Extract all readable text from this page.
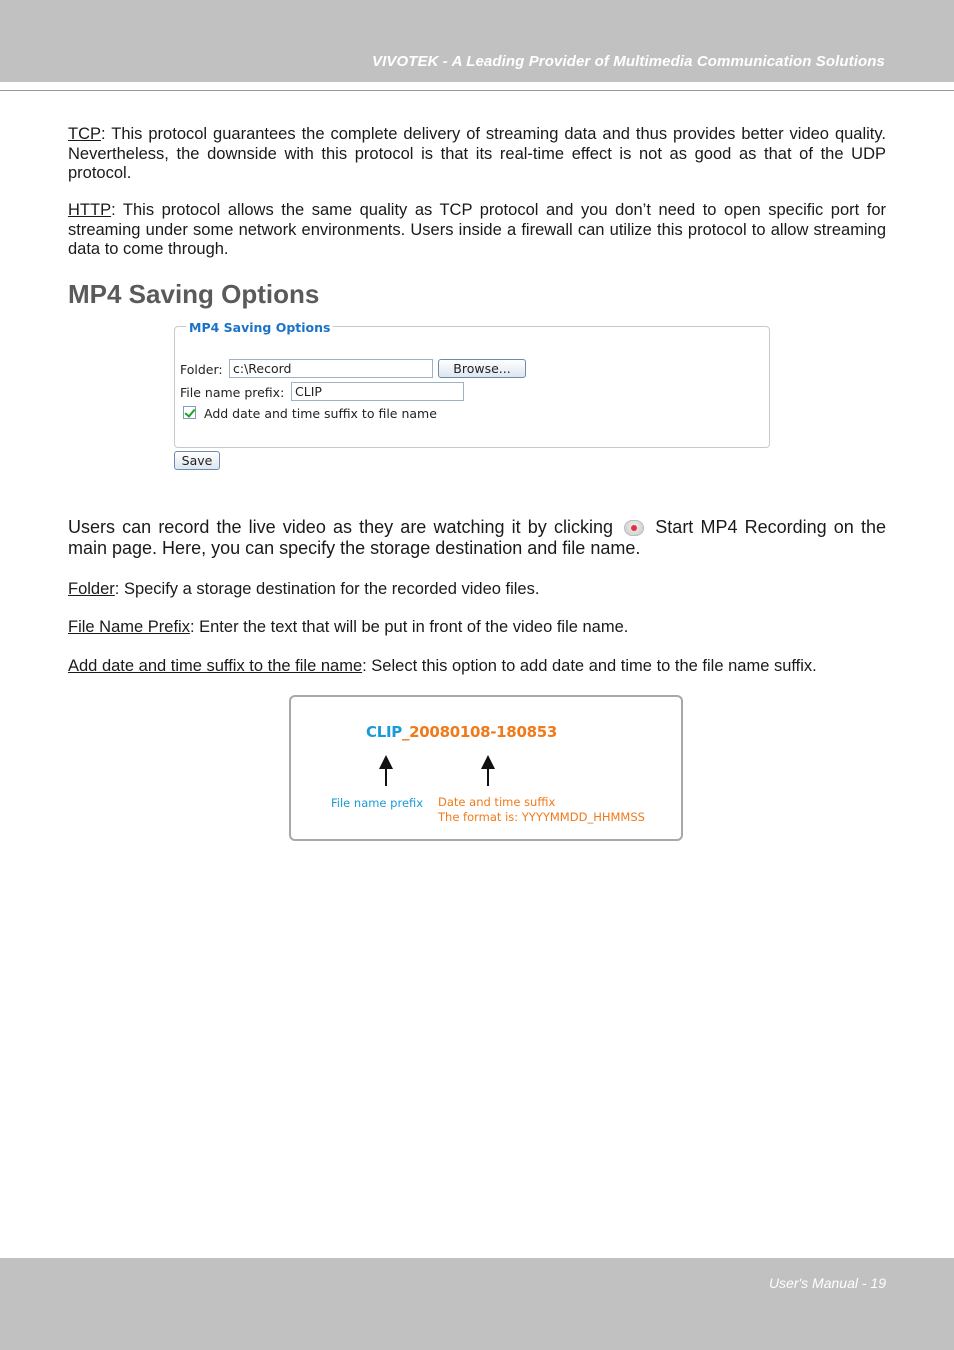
VIVOTEK - A Leading Provider of Multimedia Communication Solutions

TCP: This protocol guarantees the complete delivery of streaming data and thus provides better video quality. Nevertheless, the downside with this protocol is that its real-time effect is not as good as that of the UDP protocol.

HTTP: This protocol allows the same quality as TCP protocol and you don’t need to open specific port for streaming under some network environments. Users inside a firewall can utilize this protocol to allow streaming data to come through.

MP4 Saving Options
MP4 Saving Options
Folder: c:\Record	Browse...
File name prefix: CLIP
Add date and time suffix to file name
Save

Users can record the live video as they are watching it by clicking Start MP4 Recording on the main page. Here, you can specify the storage destination and file name.

Folder: Specify a storage destination for the recorded video files.

File Name Prefix: Enter the text that will be put in front of the video file name.

Add date and time suffix to the file name: Select this option to add date and time to the file name suffix.

CLIP_20080108-180853
File name prefix Date and time suffix
The format is: YYYYMMDD_HHMMSS
User's Manual - 19
